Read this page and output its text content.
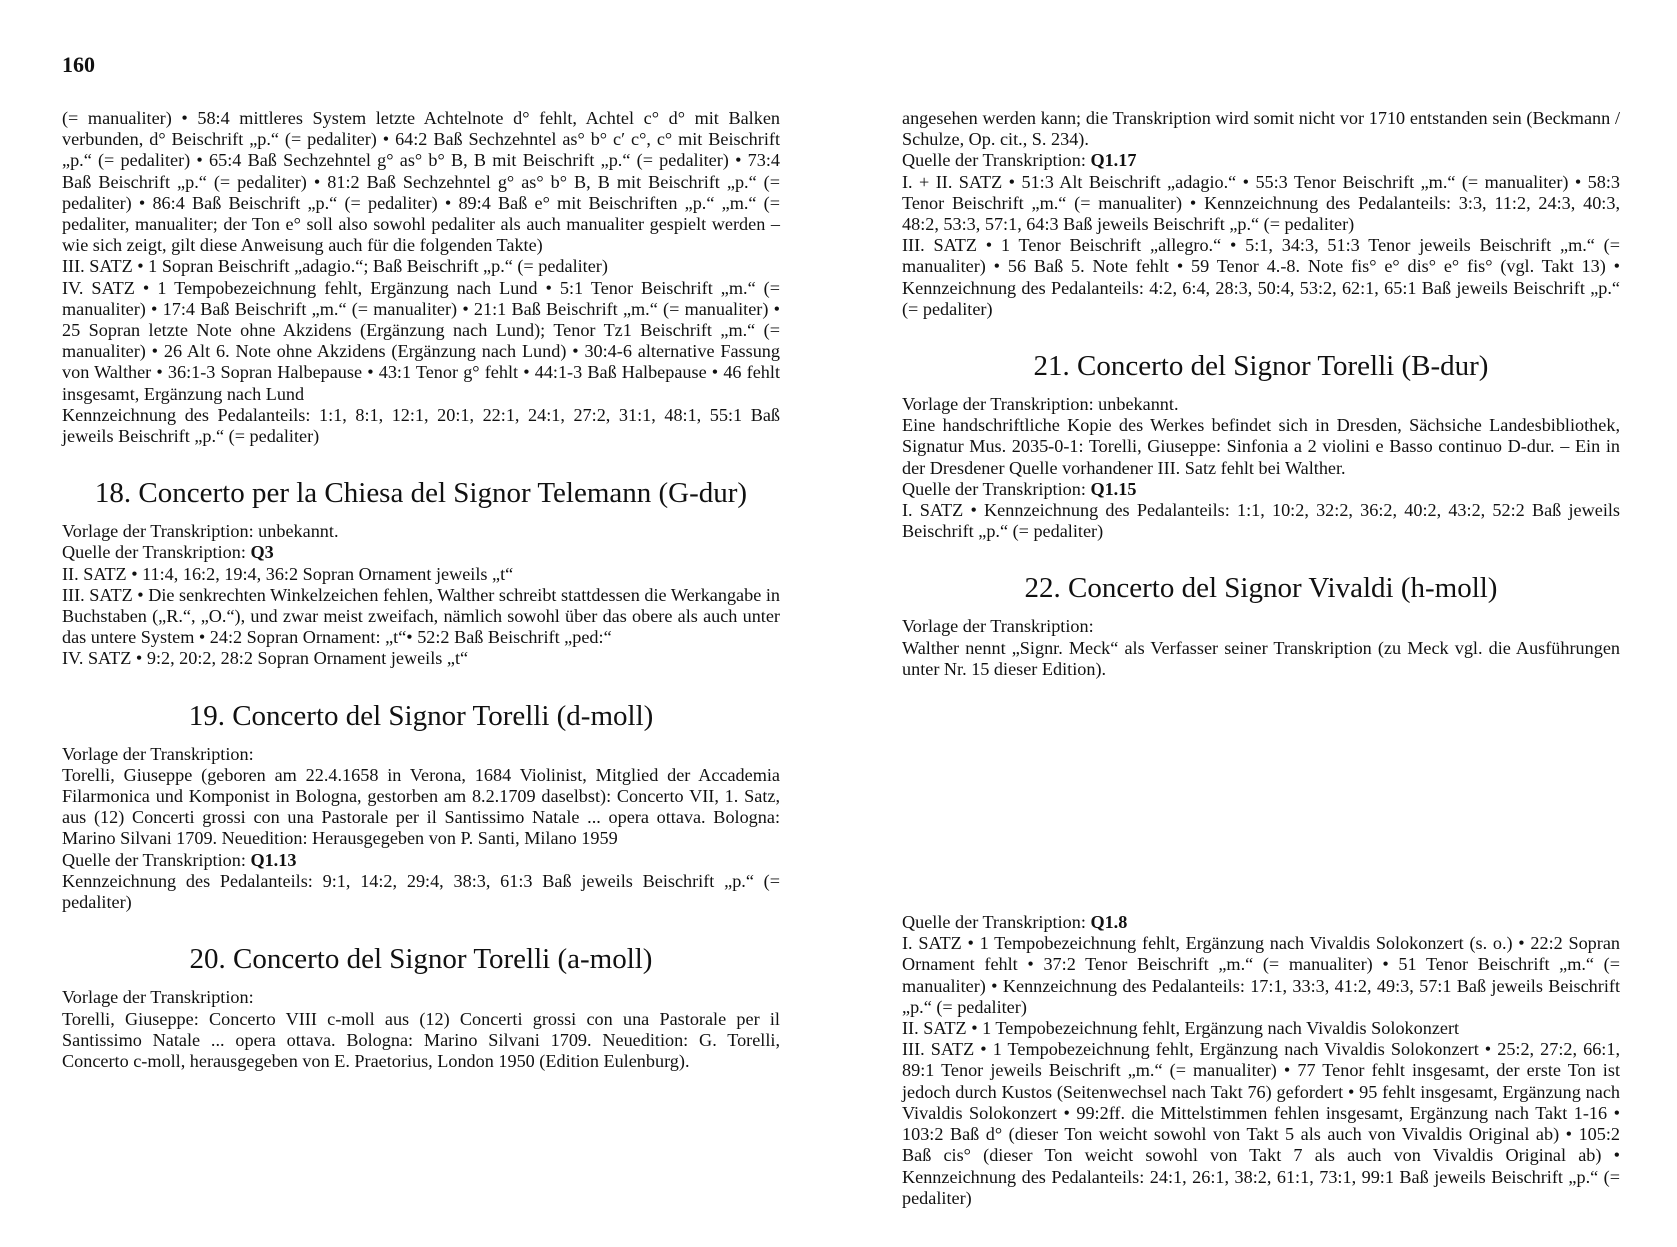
160

(= manualiter) • 58:4 mittleres System letzte Achtelnote d° fehlt, Achtel c° d° mit Balken verbunden, d° Beischrift „p.“ (= pedaliter) • 64:2 Baß Sechzehntel as° b° c′ c°, c° mit Beischrift „p.“ (= pedaliter) • 65:4 Baß Sechzehntel g° as° b° B, B mit Beischrift „p.“ (= pedaliter) • 73:4 Baß Beischrift „p.“ (= pedaliter) • 81:2 Baß Sechzehntel g° as° b° B, B mit Beischrift „p.“ (= pedaliter) • 86:4 Baß Beischrift „p.“ (= pedaliter) • 89:4 Baß e° mit Beischriften „p.“ „m.“ (= pedaliter, manualiter; der Ton e° soll also sowohl pedaliter als auch manualiter gespielt werden – wie sich zeigt, gilt diese Anweisung auch für die folgenden Takte)

III. SATZ • 1 Sopran Beischrift „adagio.“; Baß Beischrift „p.“ (= pedaliter)

IV. SATZ • 1 Tempobezeichnung fehlt, Ergänzung nach Lund • 5:1 Tenor Beischrift „m.“ (= manualiter) • 17:4 Baß Beischrift „m.“ (= manualiter) • 21:1 Baß Beischrift „m.“ (= manualiter) • 25 Sopran letzte Note ohne Akzidens (Ergänzung nach Lund); Tenor Tz1 Beischrift „m.“ (= manualiter) • 26 Alt 6. Note ohne Akzidens (Ergänzung nach Lund) • 30:4-6 alternative Fassung von Walther • 36:1-3 Sopran Halbepause • 43:1 Tenor g° fehlt • 44:1-3 Baß Halbepause • 46 fehlt insgesamt, Ergänzung nach Lund

Kennzeichnung des Pedalanteils: 1:1, 8:1, 12:1, 20:1, 22:1, 24:1, 27:2, 31:1, 48:1, 55:1 Baß jeweils Beischrift „p.“ (= pedaliter)

18. Concerto per la Chiesa del Signor Telemann (G-dur)

Vorlage der Transkription: unbekannt.

Quelle der Transkription: Q3

II. SATZ • 11:4, 16:2, 19:4, 36:2 Sopran Ornament jeweils „t“

III. SATZ • Die senkrechten Winkelzeichen fehlen, Walther schreibt stattdessen die Werkangabe in Buchstaben („R.“, „O.“), und zwar meist zweifach, nämlich sowohl über das obere als auch unter das untere System • 24:2 Sopran Ornament: „t“• 52:2 Baß Beischrift „ped:“

IV. SATZ • 9:2, 20:2, 28:2 Sopran Ornament jeweils „t“

19. Concerto del Signor Torelli (d-moll)

Vorlage der Transkription:

Torelli, Giuseppe (geboren am 22.4.1658 in Verona, 1684 Violinist, Mitglied der Accademia Filarmonica und Komponist in Bologna, gestorben am 8.2.1709 daselbst): Concerto VII, 1. Satz, aus (12) Concerti grossi con una Pastorale per il Santissimo Natale ... opera ottava. Bologna: Marino Silvani 1709. Neuedition: Herausgegeben von P. Santi, Milano 1959

Quelle der Transkription: Q1.13

Kennzeichnung des Pedalanteils: 9:1, 14:2, 29:4, 38:3, 61:3 Baß jeweils Beischrift „p.“ (= pedaliter)

20. Concerto del Signor Torelli (a-moll)

Vorlage der Transkription:

Torelli, Giuseppe: Concerto VIII c-moll aus (12) Concerti grossi con una Pastorale per il Santissimo Natale ... opera ottava. Bologna: Marino Silvani 1709. Neuedition: G. Torelli, Concerto c-moll, herausgegeben von E. Praetorius, London 1950 (Edition Eulenburg).

angesehen werden kann; die Transkription wird somit nicht vor 1710 entstanden sein (Beckmann / Schulze, Op. cit., S. 234).

Quelle der Transkription: Q1.17

I. + II. SATZ • 51:3 Alt Beischrift „adagio.“ • 55:3 Tenor Beischrift „m.“ (= manualiter) • 58:3 Tenor Beischrift „m.“ (= manualiter) • Kennzeichnung des Pedalanteils: 3:3, 11:2, 24:3, 40:3, 48:2, 53:3, 57:1, 64:3 Baß jeweils Beischrift „p.“ (= pedaliter)

III. SATZ • 1 Tenor Beischrift „allegro.“ • 5:1, 34:3, 51:3 Tenor jeweils Beischrift „m.“ (= manualiter) • 56 Baß 5. Note fehlt • 59 Tenor 4.-8. Note fis° e° dis° e° fis° (vgl. Takt 13) • Kennzeichnung des Pedalanteils: 4:2, 6:4, 28:3, 50:4, 53:2, 62:1, 65:1 Baß jeweils Beischrift „p.“ (= pedaliter)

21. Concerto del Signor Torelli (B-dur)

Vorlage der Transkription: unbekannt.

Eine handschriftliche Kopie des Werkes befindet sich in Dresden, Sächsiche Landesbibliothek, Signatur Mus. 2035-0-1: Torelli, Giuseppe: Sinfonia a 2 violini e Basso continuo D-dur. – Ein in der Dresdener Quelle vorhandener III. Satz fehlt bei Walther.

Quelle der Transkription: Q1.15

I. SATZ • Kennzeichnung des Pedalanteils: 1:1, 10:2, 32:2, 36:2, 40:2, 43:2, 52:2 Baß jeweils Beischrift „p.“ (= pedaliter)

22. Concerto del Signor Vivaldi (h-moll)

Vorlage der Transkription:

Walther nennt „Signr. Meck“ als Verfasser seiner Transkription (zu Meck vgl. die Ausführungen unter Nr. 15 dieser Edition).

Quelle der Transkription: Q1.8

I. SATZ • 1 Tempobezeichnung fehlt, Ergänzung nach Vivaldis Solokonzert (s. o.) • 22:2 Sopran Ornament fehlt • 37:2 Tenor Beischrift „m.“ (= manualiter) • 51 Tenor Beischrift „m.“ (= manualiter) • Kennzeichnung des Pedalanteils: 17:1, 33:3, 41:2, 49:3, 57:1 Baß jeweils Beischrift „p.“ (= pedaliter)

II. SATZ • 1 Tempobezeichnung fehlt, Ergänzung nach Vivaldis Solokonzert

III. SATZ • 1 Tempobezeichnung fehlt, Ergänzung nach Vivaldis Solokonzert • 25:2, 27:2, 66:1, 89:1 Tenor jeweils Beischrift „m.“ (= manualiter) • 77 Tenor fehlt insgesamt, der erste Ton ist jedoch durch Kustos (Seitenwechsel nach Takt 76) gefordert • 95 fehlt insgesamt, Ergänzung nach Vivaldis Solokonzert • 99:2ff. die Mittelstimmen fehlen insgesamt, Ergänzung nach Takt 1-16 • 103:2 Baß d° (dieser Ton weicht sowohl von Takt 5 als auch von Vivaldis Original ab) • 105:2 Baß cis° (dieser Ton weicht sowohl von Takt 7 als auch von Vivaldis Original ab) • Kennzeichnung des Pedalanteils: 24:1, 26:1, 38:2, 61:1, 73:1, 99:1 Baß jeweils Beischrift „p.“ (= pedaliter)
